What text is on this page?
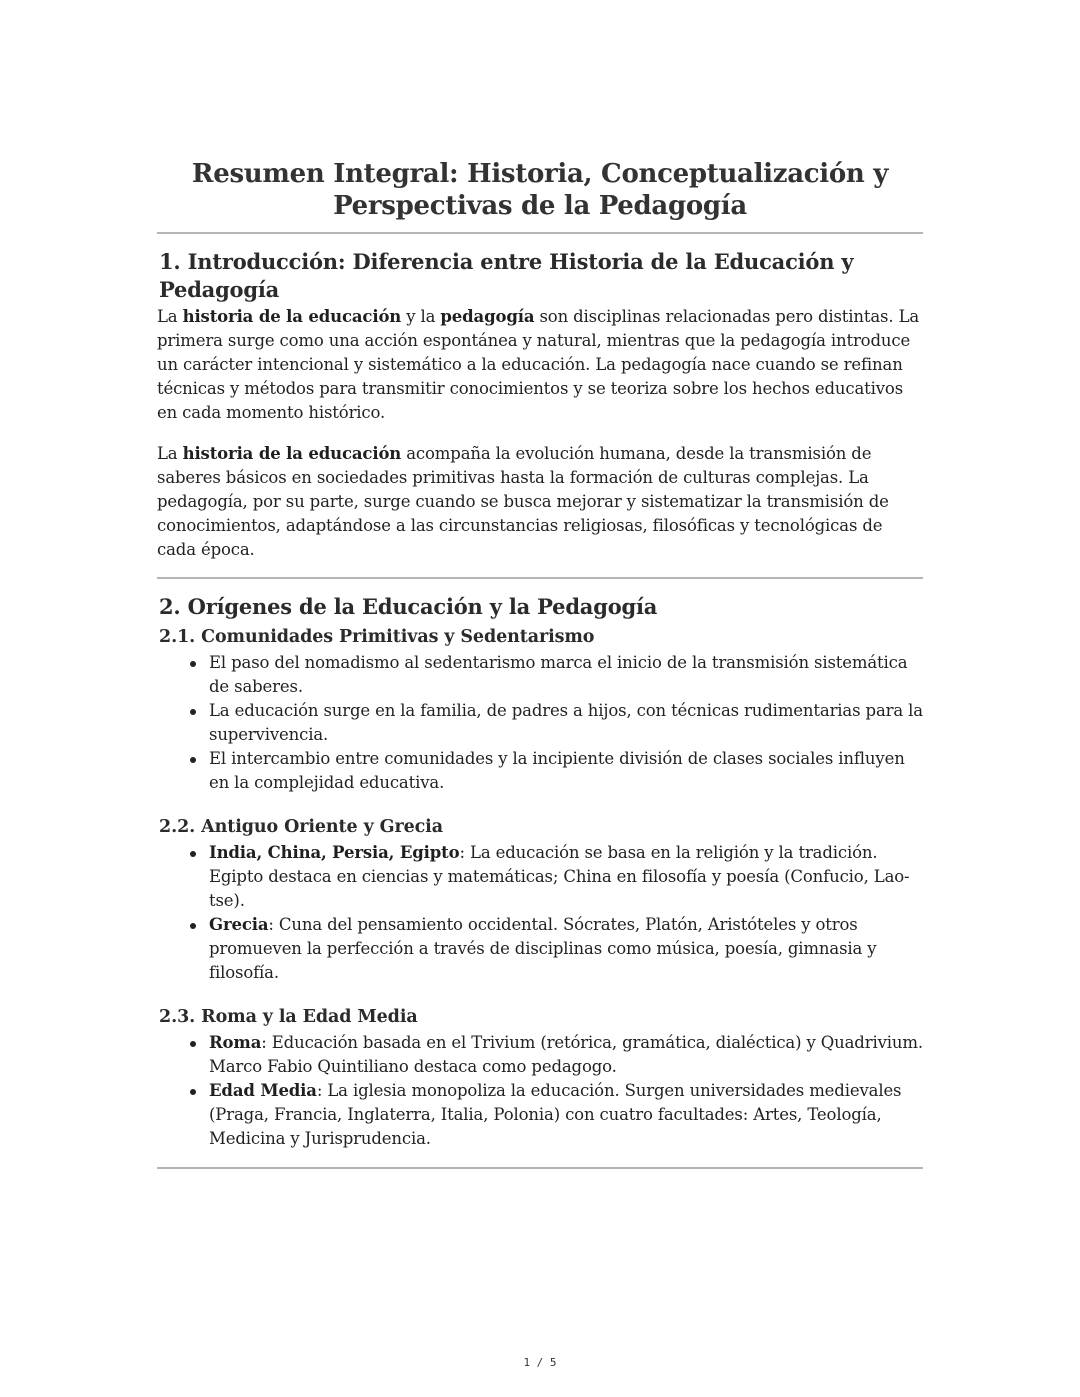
Resumen Integral: Historia, Conceptualización y Perspectivas de la Pedagogía
1. Introducción: Diferencia entre Historia de la Educación y Pedagogía

La historia de la educación y la pedagogía son disciplinas relacionadas pero distintas. La primera surge como una acción espontánea y natural, mientras que la pedagogía introduce un carácter intencional y sistemático a la educación. La pedagogía nace cuando se refinan técnicas y métodos para transmitir conocimientos y se teoriza sobre los hechos educativos en cada momento histórico.

La historia de la educación acompaña la evolución humana, desde la transmisión de saberes básicos en sociedades primitivas hasta la formación de culturas complejas. La pedagogía, por su parte, surge cuando se busca mejorar y sistematizar la transmisión de conocimientos, adaptándose a las circunstancias religiosas, filosóficas y tecnológicas de cada época.

2. Orígenes de la Educación y la Pedagogía
2.1. Comunidades Primitivas y Sedentarismo
El paso del nomadismo al sedentarismo marca el inicio de la transmisión sistemática de saberes.
La educación surge en la familia, de padres a hijos, con técnicas rudimentarias para la supervivencia.
El intercambio entre comunidades y la incipiente división de clases sociales influyen en la complejidad educativa.
2.2. Antiguo Oriente y Grecia
India, China, Persia, Egipto: La educación se basa en la religión y la tradición. Egipto destaca en ciencias y matemáticas; China en filosofía y poesía (Confucio, Lao-tse).
Grecia: Cuna del pensamiento occidental. Sócrates, Platón, Aristóteles y otros promueven la perfección a través de disciplinas como música, poesía, gimnasia y filosofía.
2.3. Roma y la Edad Media
Roma: Educación basada en el Trivium (retórica, gramática, dialéctica) y Quadrivium. Marco Fabio Quintiliano destaca como pedagogo.
Edad Media: La iglesia monopoliza la educación. Surgen universidades medievales (Praga, Francia, Inglaterra, Italia, Polonia) con cuatro facultades: Artes, Teología, Medicina y Jurisprudencia.
1 / 5
